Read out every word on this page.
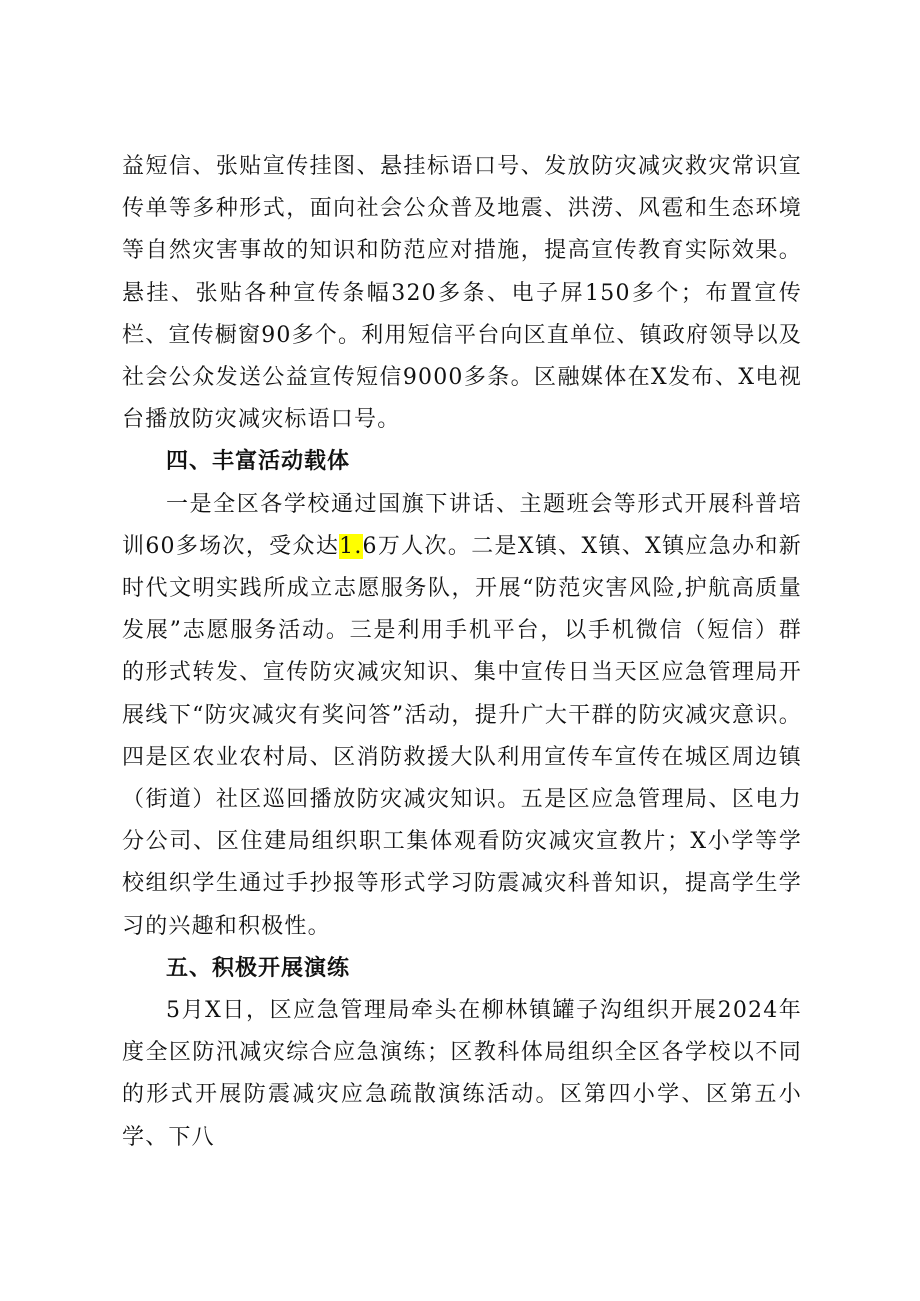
益短信、张贴宣传挂图、悬挂标语口号、发放防灾减灾救灾常识宣传单等多种形式，面向社会公众普及地震、洪涝、风雹和生态环境等自然灾害事故的知识和防范应对措施，提高宣传教育实际效果。悬挂、张贴各种宣传条幅320多条、电子屏150多个；布置宣传栏、宣传橱窗90多个。利用短信平台向区直单位、镇政府领导以及社会公众发送公益宣传短信9000多条。区融媒体在X发布、X电视台播放防灾减灾标语口号。

四、丰富活动载体

一是全区各学校通过国旗下讲话、主题班会等形式开展科普培训60多场次，受众达1.6万人次。二是X镇、X镇、X镇应急办和新时代文明实践所成立志愿服务队，开展“防范灾害风险,护航高质量发展”志愿服务活动。三是利用手机平台，以手机微信（短信）群的形式转发、宣传防灾减灾知识、集中宣传日当天区应急管理局开展线下“防灾减灾有奖问答”活动，提升广大干群的防灾减灾意识。四是区农业农村局、区消防救援大队利用宣传车宣传在城区周边镇（街道）社区巡回播放防灾减灾知识。五是区应急管理局、区电力分公司、区住建局组织职工集体观看防灾减灾宣教片；X小学等学校组织学生通过手抄报等形式学习防震减灾科普知识，提高学生学习的兴趣和积极性。

五、积极开展演练

5月X日，区应急管理局牵头在柳林镇罐子沟组织开展2024年度全区防汛减灾综合应急演练；区教科体局组织全区各学校以不同的形式开展防震减灾应急疏散演练活动。区第四小学、区第五小学、下八
